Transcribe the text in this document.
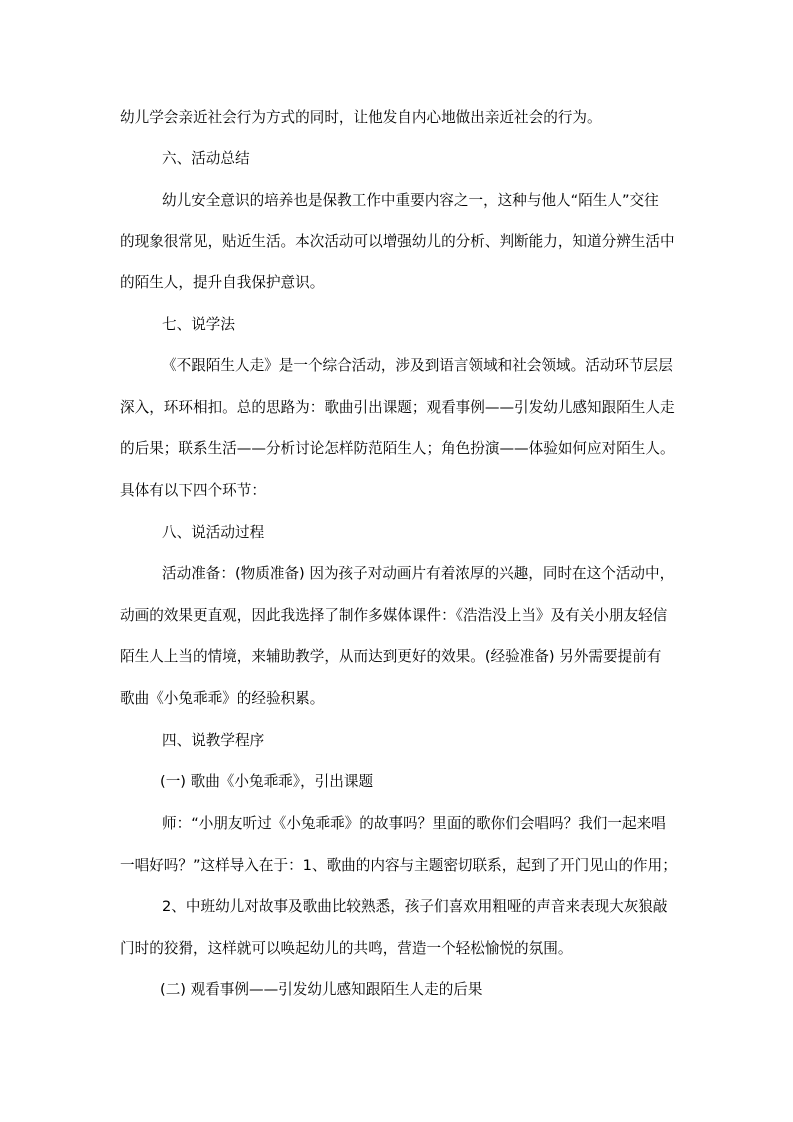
幼儿学会亲近社会行为方式的同时，让他发自内心地做出亲近社会的行为。
六、活动总结
幼儿安全意识的培养也是保教工作中重要内容之一，这种与他人“陌生人”交往
的现象很常见，贴近生活。本次活动可以增强幼儿的分析、判断能力，知道分辨生活中
的陌生人，提升自我保护意识。
七、说学法
《不跟陌生人走》是一个综合活动，涉及到语言领域和社会领域。活动环节层层
深入，环环相扣。总的思路为：歌曲引出课题；观看事例——引发幼儿感知跟陌生人走
的后果；联系生活——分析讨论怎样防范陌生人；角色扮演——体验如何应对陌生人。
具体有以下四个环节：
八、说活动过程
活动准备：(物质准备) 因为孩子对动画片有着浓厚的兴趣，同时在这个活动中，
动画的效果更直观，因此我选择了制作多媒体课件：《浩浩没上当》及有关小朋友轻信
陌生人上当的情境，来辅助教学，从而达到更好的效果。(经验准备) 另外需要提前有
歌曲《小兔乖乖》的经验积累。
四、说教学程序
(一) 歌曲《小兔乖乖》，引出课题
师：“小朋友听过《小兔乖乖》的故事吗？里面的歌你们会唱吗？我们一起来唱
一唱好吗？”这样导入在于：1、歌曲的内容与主题密切联系，起到了开门见山的作用；
2、中班幼儿对故事及歌曲比较熟悉，孩子们喜欢用粗哑的声音来表现大灰狼敲
门时的狡猾，这样就可以唤起幼儿的共鸣，营造一个轻松愉悦的氛围。
(二) 观看事例——引发幼儿感知跟陌生人走的后果
